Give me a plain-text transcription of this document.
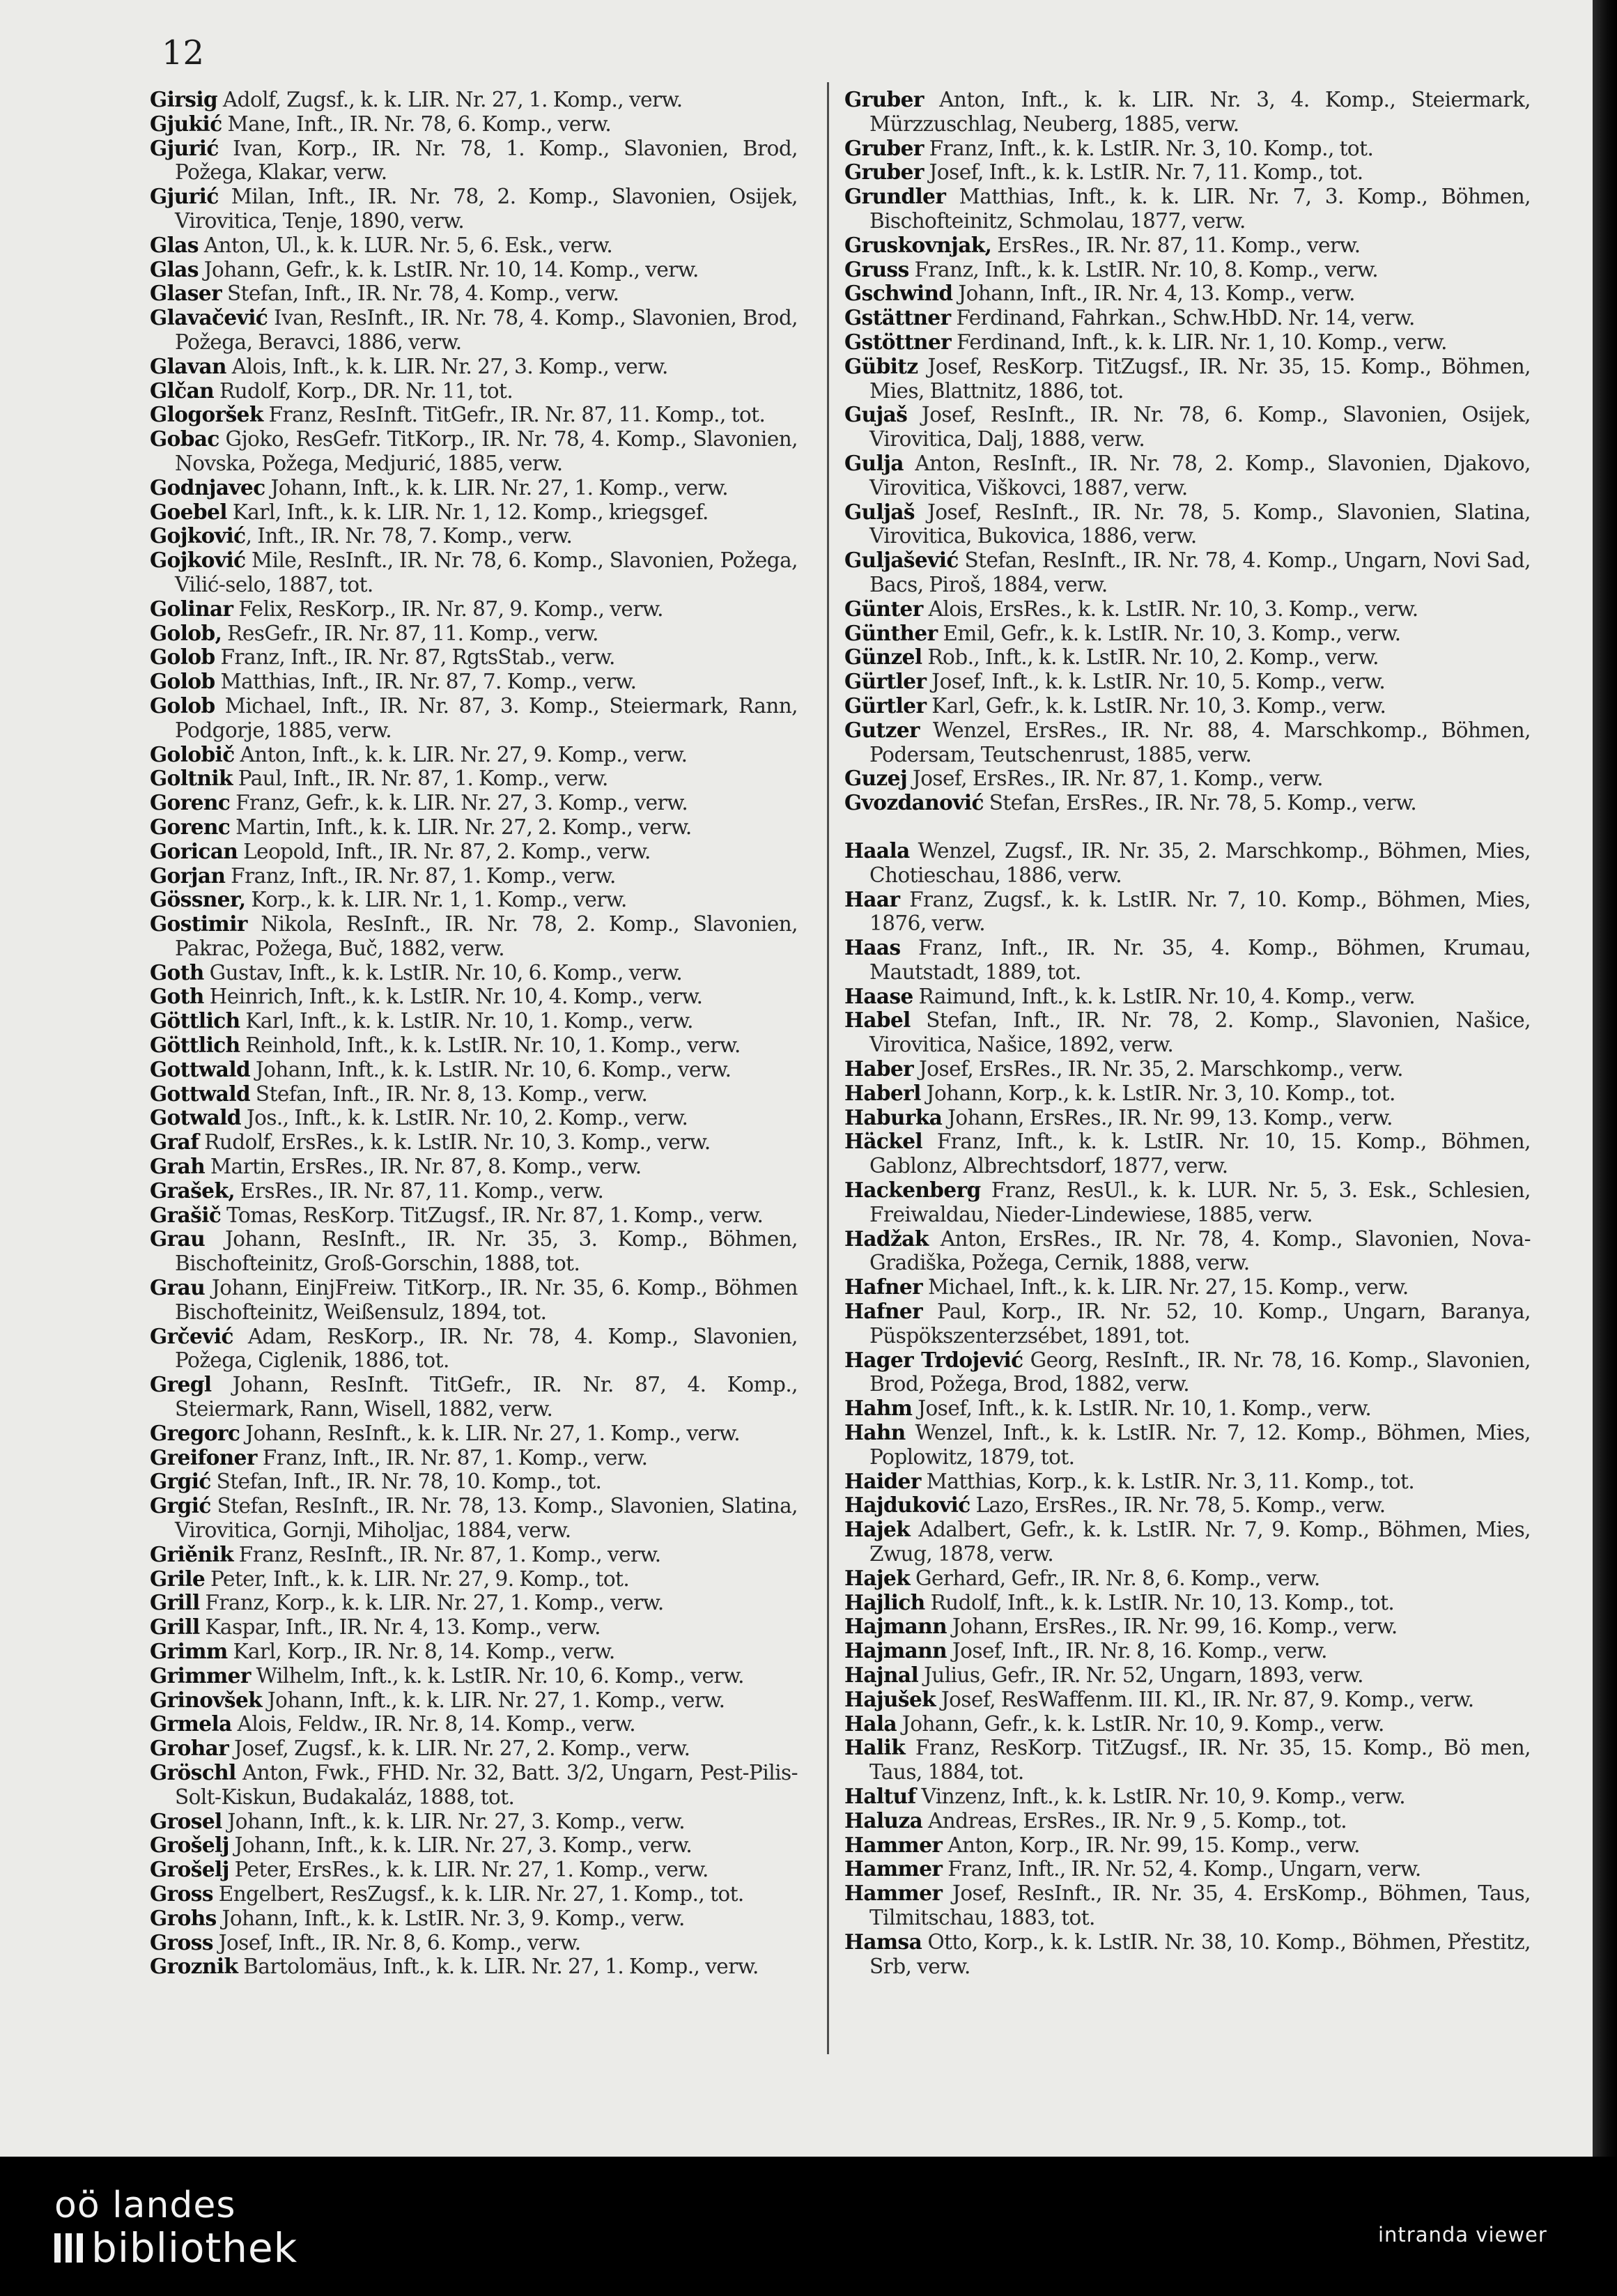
12
Girsig Adolf, Zugsf., k. k. LIR. Nr. 27, 1. Komp., verw.
Gjukić Mane, Inft., IR. Nr. 78, 6. Komp., verw.
Gjurić Ivan, Korp., IR. Nr. 78, 1. Komp., Slavonien, Brod, Požega, Klakar, verw.
Gjurić Milan, Inft., IR. Nr. 78, 2. Komp., Slavonien, Osijek, Virovitica, Tenje, 1890, verw.
Glas Anton, Ul., k. k. LUR. Nr. 5, 6. Esk., verw.
Glas Johann, Gefr., k. k. LstIR. Nr. 10, 14. Komp., verw.
Glaser Stefan, Inft., IR. Nr. 78, 4. Komp., verw.
Glavačević Ivan, ResInft., IR. Nr. 78, 4. Komp., Slavonien, Brod, Požega, Beravci, 1886, verw.
Glavan Alois, Inft., k. k. LIR. Nr. 27, 3. Komp., verw.
Glčan Rudolf, Korp., DR. Nr. 11, tot.
Glogoršek Franz, ResInft. TitGefr., IR. Nr. 87, 11. Komp., tot.
Gobac Gjoko, ResGefr. TitKorp., IR. Nr. 78, 4. Komp., Slavonien, Novska, Požega, Medjurić, 1885, verw.
Godnjavec Johann, Inft., k. k. LIR. Nr. 27, 1. Komp., verw.
Goebel Karl, Inft., k. k. LIR. Nr. 1, 12. Komp., kriegsgef.
Gojković, Inft., IR. Nr. 78, 7. Komp., verw.
Gojković Mile, ResInft., IR. Nr. 78, 6. Komp., Slavonien, Požega, Vilić-selo, 1887, tot.
Golinar Felix, ResKorp., IR. Nr. 87, 9. Komp., verw.
Golob, ResGefr., IR. Nr. 87, 11. Komp., verw.
Golob Franz, Inft., IR. Nr. 87, RgtsStab., verw.
Golob Matthias, Inft., IR. Nr. 87, 7. Komp., verw.
Golob Michael, Inft., IR. Nr. 87, 3. Komp., Steiermark, Rann, Podgorje, 1885, verw.
Golobič Anton, Inft., k. k. LIR. Nr. 27, 9. Komp., verw.
Goltnik Paul, Inft., IR. Nr. 87, 1. Komp., verw.
Gorenc Franz, Gefr., k. k. LIR. Nr. 27, 3. Komp., verw.
Gorenc Martin, Inft., k. k. LIR. Nr. 27, 2. Komp., verw.
Gorican Leopold, Inft., IR. Nr. 87, 2. Komp., verw.
Gorjan Franz, Inft., IR. Nr. 87, 1. Komp., verw.
Gössner, Korp., k. k. LIR. Nr. 1, 1. Komp., verw.
Gostimir Nikola, ResInft., IR. Nr. 78, 2. Komp., Slavonien, Pakrac, Požega, Buč, 1882, verw.
Goth Gustav, Inft., k. k. LstIR. Nr. 10, 6. Komp., verw.
Goth Heinrich, Inft., k. k. LstIR. Nr. 10, 4. Komp., verw.
Göttlich Karl, Inft., k. k. LstIR. Nr. 10, 1. Komp., verw.
Göttlich Reinhold, Inft., k. k. LstIR. Nr. 10, 1. Komp., verw.
Gottwald Johann, Inft., k. k. LstIR. Nr. 10, 6. Komp., verw.
Gottwald Stefan, Inft., IR. Nr. 8, 13. Komp., verw.
Gotwald Jos., Inft., k. k. LstIR. Nr. 10, 2. Komp., verw.
Graf Rudolf, ErsRes., k. k. LstIR. Nr. 10, 3. Komp., verw.
Grah Martin, ErsRes., IR. Nr. 87, 8. Komp., verw.
Grašek, ErsRes., IR. Nr. 87, 11. Komp., verw.
Grašič Tomas, ResKorp. TitZugsf., IR. Nr. 87, 1. Komp., verw.
Grau Johann, ResInft., IR. Nr. 35, 3. Komp., Böhmen, Bischofteinitz, Groß-Gorschin, 1888, tot.
Grau Johann, EinjFreiw. TitKorp., IR. Nr. 35, 6. Komp., Böhmen Bischofteinitz, Weißensulz, 1894, tot.
Grčević Adam, ResKorp., IR. Nr. 78, 4. Komp., Slavonien, Požega, Ciglenik, 1886, tot.
Gregl Johann, ResInft. TitGefr., IR. Nr. 87, 4. Komp., Steiermark, Rann, Wisell, 1882, verw.
Gregorc Johann, ResInft., k. k. LIR. Nr. 27, 1. Komp., verw.
Greifoner Franz, Inft., IR. Nr. 87, 1. Komp., verw.
Grgić Stefan, Inft., IR. Nr. 78, 10. Komp., tot.
Grgić Stefan, ResInft., IR. Nr. 78, 13. Komp., Slavonien, Slatina, Virovitica, Gornji, Miholjac, 1884, verw.
Griěnik Franz, ResInft., IR. Nr. 87, 1. Komp., verw.
Grile Peter, Inft., k. k. LIR. Nr. 27, 9. Komp., tot.
Grill Franz, Korp., k. k. LIR. Nr. 27, 1. Komp., verw.
Grill Kaspar, Inft., IR. Nr. 4, 13. Komp., verw.
Grimm Karl, Korp., IR. Nr. 8, 14. Komp., verw.
Grimmer Wilhelm, Inft., k. k. LstIR. Nr. 10, 6. Komp., verw.
Grinovšek Johann, Inft., k. k. LIR. Nr. 27, 1. Komp., verw.
Grmela Alois, Feldw., IR. Nr. 8, 14. Komp., verw.
Grohar Josef, Zugsf., k. k. LIR. Nr. 27, 2. Komp., verw.
Gröschl Anton, Fwk., FHD. Nr. 32, Batt. 3/2, Ungarn, Pest-Pilis-Solt-Kiskun, Budakaláz, 1888, tot.
Grosel Johann, Inft., k. k. LIR. Nr. 27, 3. Komp., verw.
Grošelj Johann, Inft., k. k. LIR. Nr. 27, 3. Komp., verw.
Grošelj Peter, ErsRes., k. k. LIR. Nr. 27, 1. Komp., verw.
Gross Engelbert, ResZugsf., k. k. LIR. Nr. 27, 1. Komp., tot.
Grohs Johann, Inft., k. k. LstIR. Nr. 3, 9. Komp., verw.
Gross Josef, Inft., IR. Nr. 8, 6. Komp., verw.
Groznik Bartolomäus, Inft., k. k. LIR. Nr. 27, 1. Komp., verw.
Gruber Anton, Inft., k. k. LIR. Nr. 3, 4. Komp., Steiermark, Mürzzuschlag, Neuberg, 1885, verw.
Gruber Franz, Inft., k. k. LstIR. Nr. 3, 10. Komp., tot.
Gruber Josef, Inft., k. k. LstIR. Nr. 7, 11. Komp., tot.
Grundler Matthias, Inft., k. k. LIR. Nr. 7, 3. Komp., Böhmen, Bischofteinitz, Schmolau, 1877, verw.
Gruskovnjak, ErsRes., IR. Nr. 87, 11. Komp., verw.
Gruss Franz, Inft., k. k. LstIR. Nr. 10, 8. Komp., verw.
Gschwind Johann, Inft., IR. Nr. 4, 13. Komp., verw.
Gstättner Ferdinand, Fahrkan., Schw.HbD. Nr. 14, verw.
Gstöttner Ferdinand, Inft., k. k. LIR. Nr. 1, 10. Komp., verw.
Gübitz Josef, ResKorp. TitZugsf., IR. Nr. 35, 15. Komp., Böhmen, Mies, Blattnitz, 1886, tot.
Gujaš Josef, ResInft., IR. Nr. 78, 6. Komp., Slavonien, Osijek, Virovitica, Dalj, 1888, verw.
Gulja Anton, ResInft., IR. Nr. 78, 2. Komp., Slavonien, Djakovo, Virovitica, Viškovci, 1887, verw.
Guljaš Josef, ResInft., IR. Nr. 78, 5. Komp., Slavonien, Slatina, Virovitica, Bukovica, 1886, verw.
Guljašević Stefan, ResInft., IR. Nr. 78, 4. Komp., Ungarn, Novi Sad, Bacs, Piroš, 1884, verw.
Günter Alois, ErsRes., k. k. LstIR. Nr. 10, 3. Komp., verw.
Günther Emil, Gefr., k. k. LstIR. Nr. 10, 3. Komp., verw.
Günzel Rob., Inft., k. k. LstIR. Nr. 10, 2. Komp., verw.
Gürtler Josef, Inft., k. k. LstIR. Nr. 10, 5. Komp., verw.
Gürtler Karl, Gefr., k. k. LstIR. Nr. 10, 3. Komp., verw.
Gutzer Wenzel, ErsRes., IR. Nr. 88, 4. Marschkomp., Böhmen, Podersam, Teutschenrust, 1885, verw.
Guzej Josef, ErsRes., IR. Nr. 87, 1. Komp., verw.
Gvozdanović Stefan, ErsRes., IR. Nr. 78, 5. Komp., verw.
Haala Wenzel, Zugsf., IR. Nr. 35, 2. Marschkomp., Böhmen, Mies, Chotieschau, 1886, verw.
Haar Franz, Zugsf., k. k. LstIR. Nr. 7, 10. Komp., Böhmen, Mies, 1876, verw.
Haas Franz, Inft., IR. Nr. 35, 4. Komp., Böhmen, Krumau, Mautstadt, 1889, tot.
Haase Raimund, Inft., k. k. LstIR. Nr. 10, 4. Komp., verw.
Habel Stefan, Inft., IR. Nr. 78, 2. Komp., Slavonien, Našice, Virovitica, Našice, 1892, verw.
Haber Josef, ErsRes., IR. Nr. 35, 2. Marschkomp., verw.
Haberl Johann, Korp., k. k. LstIR. Nr. 3, 10. Komp., tot.
Haburka Johann, ErsRes., IR. Nr. 99, 13. Komp., verw.
Häckel Franz, Inft., k. k. LstIR. Nr. 10, 15. Komp., Böhmen, Gablonz, Albrechtsdorf, 1877, verw.
Hackenberg Franz, ResUl., k. k. LUR. Nr. 5, 3. Esk., Schlesien, Freiwaldau, Nieder-Lindewiese, 1885, verw.
Hadžak Anton, ErsRes., IR. Nr. 78, 4. Komp., Slavonien, Nova-Gradiška, Požega, Cernik, 1888, verw.
Hafner Michael, Inft., k. k. LIR. Nr. 27, 15. Komp., verw.
Hafner Paul, Korp., IR. Nr. 52, 10. Komp., Ungarn, Baranya, Püspökszenterzsébet, 1891, tot.
Hager Trdojević Georg, ResInft., IR. Nr. 78, 16. Komp., Slavonien, Brod, Požega, Brod, 1882, verw.
Hahm Josef, Inft., k. k. LstIR. Nr. 10, 1. Komp., verw.
Hahn Wenzel, Inft., k. k. LstIR. Nr. 7, 12. Komp., Böhmen, Mies, Poplowitz, 1879, tot.
Haider Matthias, Korp., k. k. LstIR. Nr. 3, 11. Komp., tot.
Hajduković Lazo, ErsRes., IR. Nr. 78, 5. Komp., verw.
Hajek Adalbert, Gefr., k. k. LstIR. Nr. 7, 9. Komp., Böhmen, Mies, Zwug, 1878, verw.
Hajek Gerhard, Gefr., IR. Nr. 8, 6. Komp., verw.
Hajlich Rudolf, Inft., k. k. LstIR. Nr. 10, 13. Komp., tot.
Hajmann Johann, ErsRes., IR. Nr. 99, 16. Komp., verw.
Hajmann Josef, Inft., IR. Nr. 8, 16. Komp., verw.
Hajnal Julius, Gefr., IR. Nr. 52, Ungarn, 1893, verw.
Hajušek Josef, ResWaffenm. III. Kl., IR. Nr. 87, 9. Komp., verw.
Hala Johann, Gefr., k. k. LstIR. Nr. 10, 9. Komp., verw.
Halik Franz, ResKorp. TitZugsf., IR. Nr. 35, 15. Komp., Bö men, Taus, 1884, tot.
Haltuf Vinzenz, Inft., k. k. LstIR. Nr. 10, 9. Komp., verw.
Haluza Andreas, ErsRes., IR. Nr. 9 , 5. Komp., tot.
Hammer Anton, Korp., IR. Nr. 99, 15. Komp., verw.
Hammer Franz, Inft., IR. Nr. 52, 4. Komp., Ungarn, verw.
Hammer Josef, ResInft., IR. Nr. 35, 4. ErsKomp., Böhmen, Taus, Tilmitschau, 1883, tot.
Hamsa Otto, Korp., k. k. LstIR. Nr. 38, 10. Komp., Böhmen, Přestitz, Srb, verw.
oö landes
bibliothek	intranda viewer
